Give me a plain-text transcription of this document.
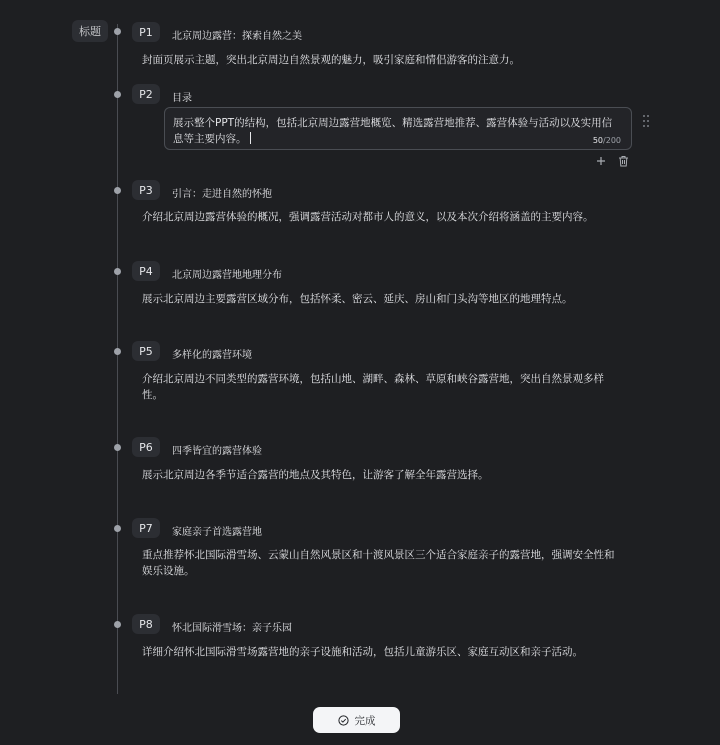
标题	P1	北京周边露营：探索自然之美
封面页展示主题，突出北京周边自然景观的魅力，吸引家庭和情侣游客的注意力。
P2	目录
展示整个PPT的结构，包括北京周边露营地概览、精选露营地推荐、露营体验与活动以及实用信息等主要内容。	50/200
P3	引言：走进自然的怀抱
介绍北京周边露营体验的概况，强调露营活动对都市人的意义，以及本次介绍将涵盖的主要内容。
P4	北京周边露营地地理分布
展示北京周边主要露营区域分布，包括怀柔、密云、延庆、房山和门头沟等地区的地理特点。
P5	多样化的露营环境
介绍北京周边不同类型的露营环境，包括山地、湖畔、森林、草原和峡谷露营地，突出自然景观多样性。
P6	四季皆宜的露营体验
展示北京周边各季节适合露营的地点及其特色，让游客了解全年露营选择。
P7	家庭亲子首选露营地
重点推荐怀北国际滑雪场、云蒙山自然风景区和十渡风景区三个适合家庭亲子的露营地，强调安全性和娱乐设施。
P8	怀北国际滑雪场：亲子乐园
详细介绍怀北国际滑雪场露营地的亲子设施和活动，包括儿童游乐区、家庭互动区和亲子活动。
完成
